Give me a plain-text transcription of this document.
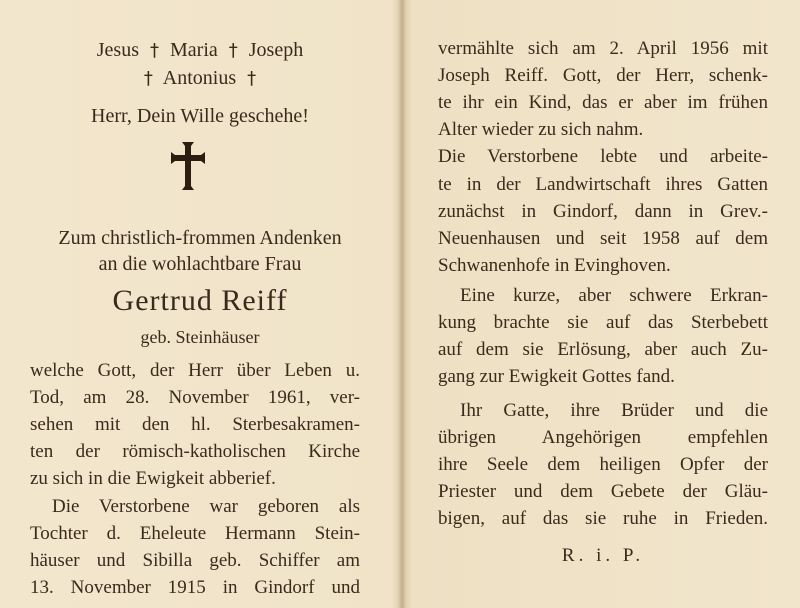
Jesus † Maria † Joseph
† Antonius †
Herr, Dein Wille geschehe!
Zum christlich-frommen Andenken
an die wohlachtbare Frau
Gertrud Reiff
geb. Steinhäuser
welche Gott, der Herr über Leben u.
Tod, am 28. November 1961, ver-
sehen mit den hl. Sterbesakramen-
ten der römisch-katholischen Kirche
zu sich in die Ewigkeit abberief.
Die Verstorbene war geboren als
Tochter d. Eheleute Hermann Stein-
häuser und Sibilla geb. Schiffer am
13. November 1915 in Gindorf und
vermählte sich am 2. April 1956 mit
Joseph Reiff. Gott, der Herr, schenk-
te ihr ein Kind, das er aber im frühen
Alter wieder zu sich nahm.
Die Verstorbene lebte und arbeite-
te in der Landwirtschaft ihres Gatten
zunächst in Gindorf, dann in Grev.-
Neuenhausen und seit 1958 auf dem
Schwanenhofe in Evinghoven.
Eine kurze, aber schwere Erkran-
kung brachte sie auf das Sterbebett
auf dem sie Erlösung, aber auch Zu-
gang zur Ewigkeit Gottes fand.
Ihr Gatte, ihre Brüder und die
übrigen Angehörigen empfehlen
ihre Seele dem heiligen Opfer der
Priester und dem Gebete der Gläu-
bigen, auf das sie ruhe in Frieden.
R. i. P.
